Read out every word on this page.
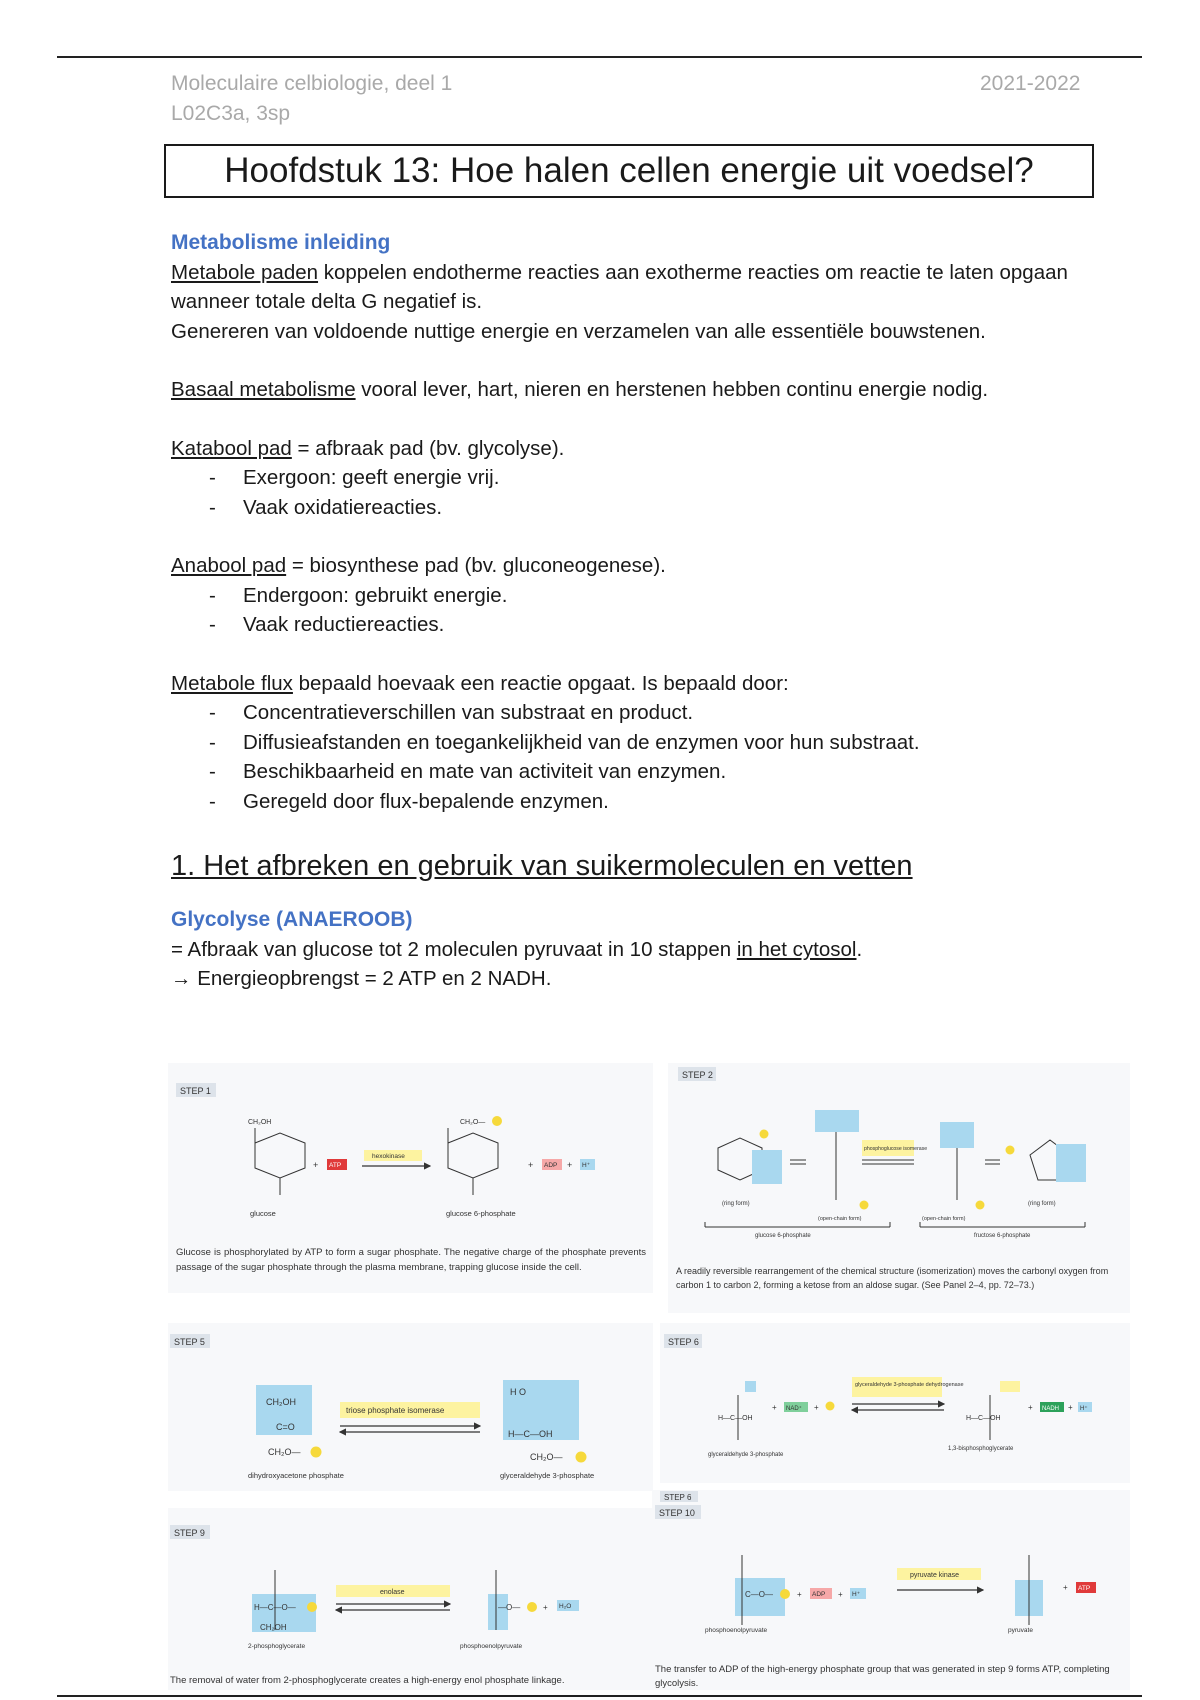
Moleculaire celbiologie, deel 1
L02C3a, 3sp
2021-2022
Hoofdstuk 13: Hoe halen cellen energie uit voedsel?

Metabolisme inleiding

Metabole paden koppelen endotherme reacties aan exotherme reacties om reactie te laten opgaan wanneer totale delta G negatief is.

Genereren van voldoende nuttige energie en verzamelen van alle essentiële bouwstenen.

Basaal metabolisme vooral lever, hart, nieren en herstenen hebben continu energie nodig.

Katabool pad = afbraak pad (bv. glycolyse).

- Exergoon: geeft energie vrij.
- Vaak oxidatiereacties.

Anabool pad = biosynthese pad (bv. gluconeogenese).

- Endergoon: gebruikt energie.
- Vaak reductiereacties.

Metabole flux bepaald hoevaak een reactie opgaat. Is bepaald door:

- Concentratieverschillen van substraat en product.
- Diffusieafstanden en toegankelijkheid van de enzymen voor hun substraat.
- Beschikbaarheid en mate van activiteit van enzymen.
- Geregeld door flux-bepalende enzymen.

1. Het afbreken en gebruik van suikermoleculen en vetten

Glycolyse (ANAEROOB)

= Afbraak van glucose tot 2 moleculen pyruvaat in 10 stappen in het cytosol.

→ Energieopbrengst = 2 ATP en 2 NADH.

STEP 1
CH₂OH
glucose
+ ATP
hexokinase
CH₂O—
glucose 6-phosphate
+ ADP + H⁺
Glucose is phosphorylated by ATP to form a sugar phosphate. The negative charge of the phosphate prevents passage of the sugar phosphate through the plasma membrane, trapping glucose inside the cell.
STEP 2
(ring form)
(open-chain form)
phosphoglucose isomerase
(open-chain form)
(ring form)
glucose 6-phosphate	fructose 6-phosphate
A readily reversible rearrangement of the chemical structure (isomerization) moves the carbonyl oxygen from carbon 1 to carbon 2, forming a ketose from an aldose sugar. (See Panel 2–4, pp. 72–73.)
STEP 5
CH₂OH
C=O
CH₂O—
dihydroxyacetone phosphate
triose phosphate isomerase
H O
H—C—OH
CH₂O—
glyceraldehyde 3-phosphate
STEP 6
H—C—OH
glyceraldehyde 3-phosphate
+ NAD⁺ +
glyceraldehyde 3-phosphate dehydrogenase
H—C—OH
1,3-bisphosphoglycerate
+ NADH + H⁺
STEP 9
H—C—O—
CH₂OH
2-phosphoglycerate
enolase
—O—	+ H₂O
phosphoenolpyruvate
The removal of water from 2-phosphoglycerate creates a high-energy enol phosphate linkage.
STEP 6
STEP 10
C—O—
phosphoenolpyruvate
+ ADP + H⁺
pyruvate kinase
pyruvate
+ ATP
The transfer to ADP of the high-energy phosphate group that was generated in step 9 forms ATP, completing glycolysis.
